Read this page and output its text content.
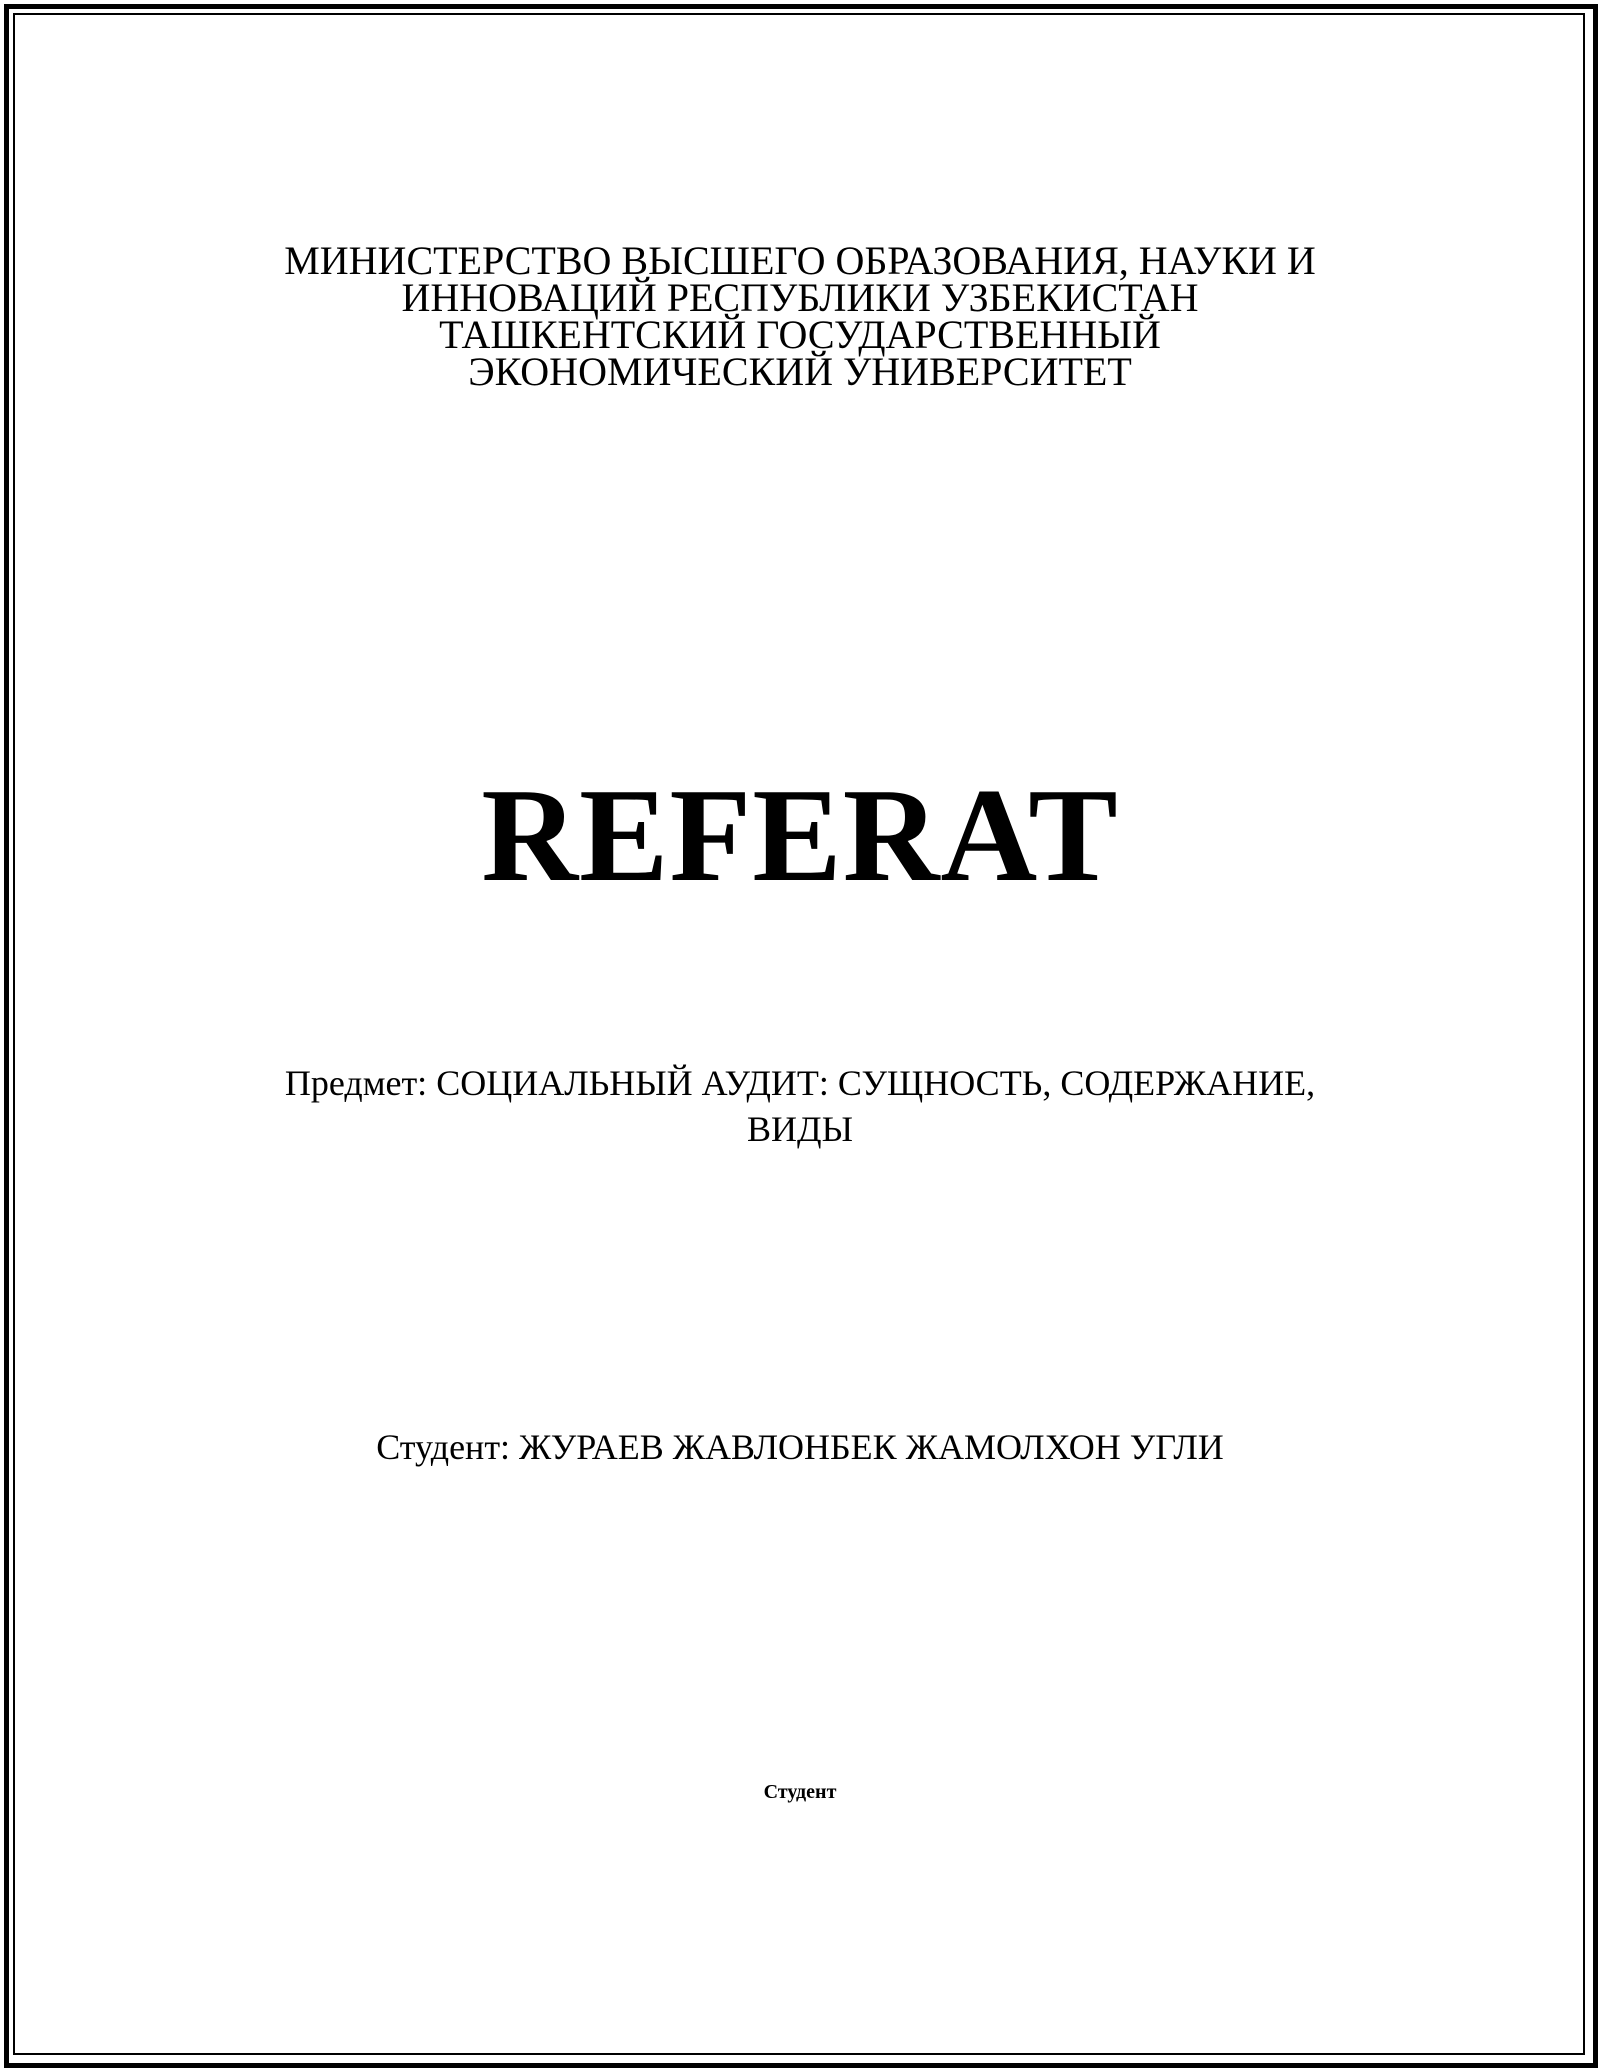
МИНИСТЕРСТВО ВЫСШЕГО ОБРАЗОВАНИЯ, НАУКИ И
ИННОВАЦИЙ РЕСПУБЛИКИ УЗБЕКИСТАН
ТАШКЕНТСКИЙ ГОСУДАРСТВЕННЫЙ
ЭКОНОМИЧЕСКИЙ УНИВЕРСИТЕТ
REFERAT
Предмет: СОЦИАЛЬНЫЙ АУДИТ: СУЩНОСТЬ, СОДЕРЖАНИЕ,
ВИДЫ
Студент: ЖУРАЕВ ЖАВЛОНБЕК ЖАМОЛХОН УГЛИ
Студент
